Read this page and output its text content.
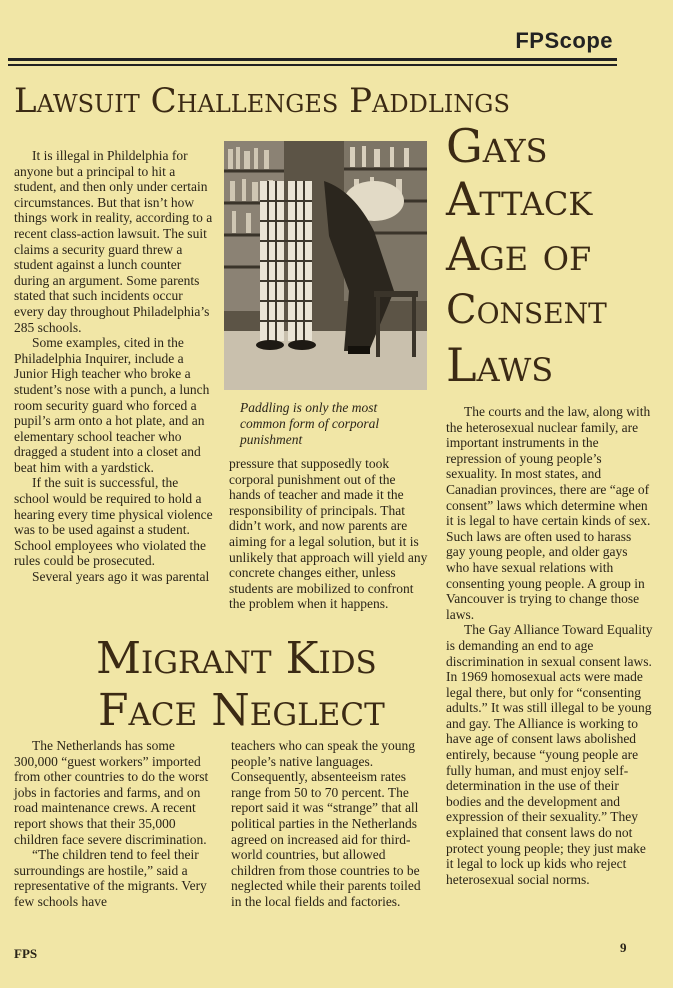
FPScope
Lawsuit Challenges Paddlings

It is illegal in Phildelphia for anyone but a principal to hit a student, and then only under certain circumstances. But that isn’t how things work in reality, according to a recent class-action lawsuit. The suit claims a security guard threw a student against a lunch counter during an argument. Some parents stated that such incidents occur every day throughout Philadelphia’s 285 schools.

Some examples, cited in the Philadelphia Inquirer, include a Junior High teacher who broke a student’s nose with a punch, a lunch room security guard who forced a pupil’s arm onto a hot plate, and an elementary school teacher who dragged a student into a closet and beat him with a yardstick.

If the suit is successful, the school would be required to hold a hearing every time physical violence was to be used against a student. School employees who violated the rules could be prosecuted.

Several years ago it was parental

Paddling is only the most common form of corporal punishment

pressure that supposedly took corporal punishment out of the hands of teacher and made it the responsibility of principals. That didn’t work, and now parents are aiming for a legal solution, but it is unlikely that approach will yield any concrete changes either, unless students are mobilized to confront the problem when it happens.

Gays
Attack
Age of
Consent
Laws

The courts and the law, along with the heterosexual nuclear family, are important instruments in the repression of young people’s sexuality. In most states, and Canadian provinces, there are “age of consent” laws which determine when it is legal to have certain kinds of sex. Such laws are often used to harass gay young people, and older gays who have sexual relations with consenting young people. A group in Vancouver is trying to change those laws.

The Gay Alliance Toward Equality is demanding an end to age discrimination in sexual consent laws. In 1969 homosexual acts were made legal there, but only for “consenting adults.” It was still illegal to be young and gay. The Alliance is working to have age of consent laws abolished entirely, because “young people are fully human, and must enjoy self-determination in the use of their bodies and the development and expression of their sexuality.” They explained that consent laws do not protect young people; they just make it legal to lock up kids who reject heterosexual social norms.

Migrant Kids
Face Neglect

The Netherlands has some 300,000 “guest workers” imported from other countries to do the worst jobs in factories and farms, and on road maintenance crews. A recent report shows that their 35,000 children face severe discrimination.

“The children tend to feel their surroundings are hostile,” said a representative of the migrants. Very few schools have

teachers who can speak the young people’s native languages. Consequently, absenteeism rates range from 50 to 70 percent. The report said it was “strange” that all political parties in the Netherlands agreed on increased aid for third-world countries, but allowed children from those countries to be neglected while their parents toiled in the local fields and factories.

FPS	9
